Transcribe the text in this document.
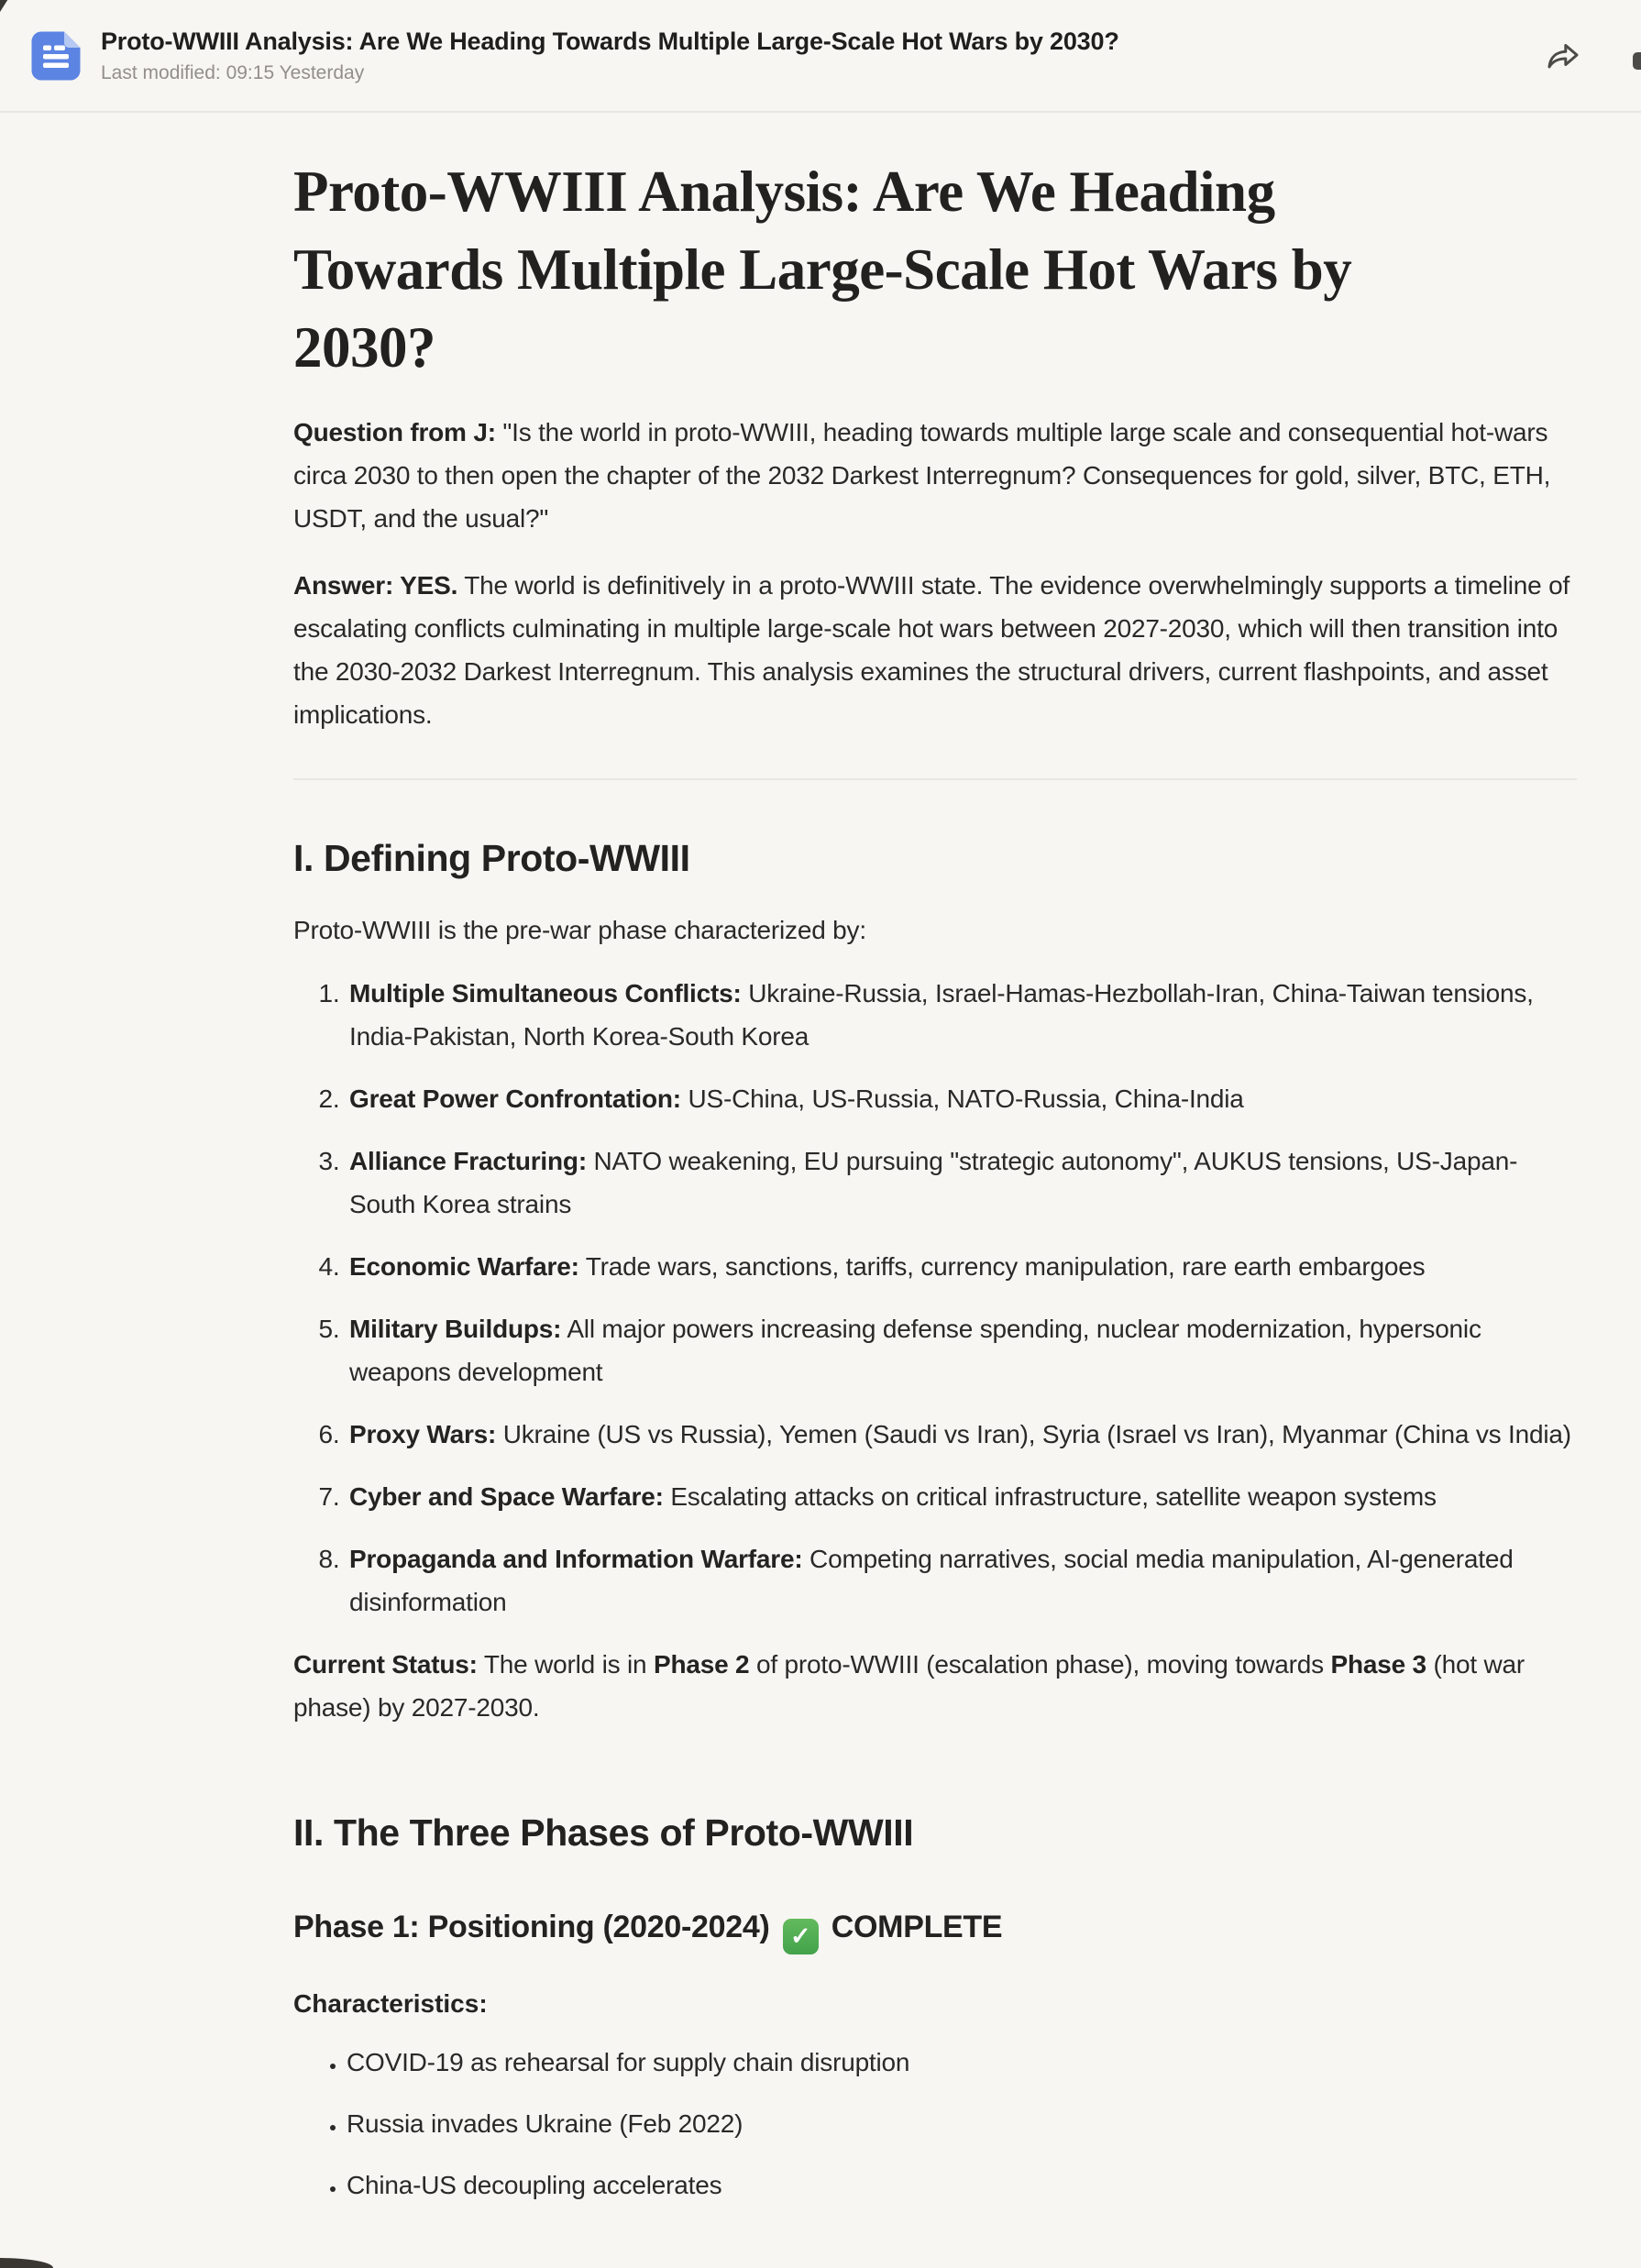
Proto-WWIII Analysis: Are We Heading Towards Multiple Large-Scale Hot Wars by 2030?
Last modified: 09:15 Yesterday
Proto-WWIII Analysis: Are We Heading
Towards Multiple Large-Scale Hot Wars by
2030?

Question from J: "Is the world in proto-WWIII, heading towards multiple large scale and consequential hot-wars circa 2030 to then open the chapter of the 2032 Darkest Interregnum? Consequences for gold, silver, BTC, ETH, USDT, and the usual?"

Answer: YES. The world is definitively in a proto-WWIII state. The evidence overwhelmingly supports a timeline of escalating conflicts culminating in multiple large-scale hot wars between 2027-2030, which will then transition into the 2030-2032 Darkest Interregnum. This analysis examines the structural drivers, current flashpoints, and asset implications.

I. Defining Proto-WWIII

Proto-WWIII is the pre-war phase characterized by:

1. Multiple Simultaneous Conflicts: Ukraine-Russia, Israel-Hamas-Hezbollah-Iran, China-Taiwan tensions, India-Pakistan, North Korea-South Korea
2. Great Power Confrontation: US-China, US-Russia, NATO-Russia, China-India
3. Alliance Fracturing: NATO weakening, EU pursuing "strategic autonomy", AUKUS tensions, US-Japan-South Korea strains
4. Economic Warfare: Trade wars, sanctions, tariffs, currency manipulation, rare earth embargoes
5. Military Buildups: All major powers increasing defense spending, nuclear modernization, hypersonic weapons development
6. Proxy Wars: Ukraine (US vs Russia), Yemen (Saudi vs Iran), Syria (Israel vs Iran), Myanmar (China vs India)
7. Cyber and Space Warfare: Escalating attacks on critical infrastructure, satellite weapon systems
8. Propaganda and Information Warfare: Competing narratives, social media manipulation, AI-generated disinformation

Current Status: The world is in Phase 2 of proto-WWIII (escalation phase), moving towards Phase 3 (hot war phase) by 2027-2030.

II. The Three Phases of Proto-WWIII
Phase 1: Positioning (2020-2024) ✓ COMPLETE
Characteristics:
• COVID-19 as rehearsal for supply chain disruption
• Russia invades Ukraine (Feb 2022)
• China-US decoupling accelerates
